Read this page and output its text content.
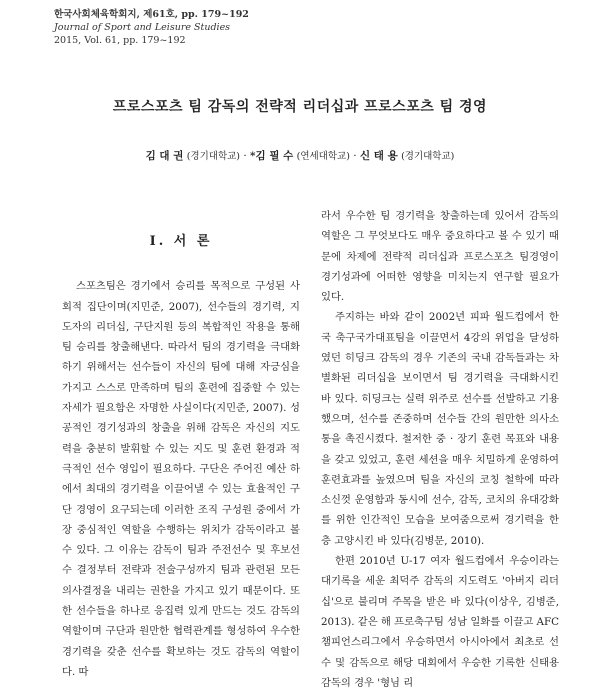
한국사회체육학회지, 제61호, pp. 179~192
Journal of Sport and Leisure Studies
2015, Vol. 61, pp. 179~192
프로스포츠 팀 감독의 전략적 리더십과 프로스포츠 팀 경영
김 대 권 (경기대학교) · *김 필 수 (연세대학교) · 신 태 용 (경기대학교)
Ⅰ. 서 론

스포츠팀은 경기에서 승리를 목적으로 구성된 사회적 집단이며(지민준, 2007), 선수들의 경기력, 지도자의 리더십, 구단지원 등의 복합적인 작용을 통해 팀 승리를 창출해낸다. 따라서 팀의 경기력을 극대화하기 위해서는 선수들이 자신의 팀에 대해 자긍심을 가지고 스스로 만족하며 팀의 훈련에 집중할 수 있는 자세가 필요함은 자명한 사실이다(지민준, 2007). 성공적인 경기성과의 창출을 위해 감독은 자신의 지도력을 충분히 발휘할 수 있는 지도 및 훈련 환경과 적극적인 선수 영입이 필요하다. 구단은 주어진 예산 하에서 최대의 경기력을 이끌어낼 수 있는 효율적인 구단 경영이 요구되는데 이러한 조직 구성원 중에서 가장 중심적인 역할을 수행하는 위치가 감독이라고 볼 수 있다. 그 이유는 감독이 팀과 주전선수 및 후보선수 결정부터 전략과 전술구성까지 팀과 관련된 모든 의사결정을 내리는 권한을 가지고 있기 때문이다. 또한 선수들을 하나로 응집력 있게 만드는 것도 감독의 역할이며 구단과 원만한 협력관계를 형성하여 우수한 경기력을 갖춘 선수를 확보하는 것도 감독의 역할이다. 따

라서 우수한 팀 경기력을 창출하는데 있어서 감독의 역할은 그 무엇보다도 매우 중요하다고 볼 수 있기 때문에 차제에 전략적 리더십과 프로스포츠 팀경영이 경기성과에 어떠한 영향을 미치는지 연구할 필요가 있다.

주지하는 바와 같이 2002년 피파 월드컵에서 한국 축구국가대표팀을 이끌면서 4강의 위업을 달성하였던 히딩크 감독의 경우 기존의 국내 감독들과는 차별화된 리더십을 보이면서 팀 경기력을 극대화시킨 바 있다. 히딩크는 실력 위주로 선수를 선발하고 기용했으며, 선수를 존중하며 선수들 간의 원만한 의사소통을 촉진시켰다. 철저한 중 · 장기 훈련 목표와 내용을 갖고 있었고, 훈련 세션을 매우 치밀하게 운영하여 훈련효과를 높였으며 팀을 자신의 코칭 철학에 따라 소신껏 운영함과 동시에 선수, 감독, 코치의 유대강화를 위한 인간적인 모습을 보여줌으로써 경기력을 한층 고양시킨 바 있다(김병문, 2010).

한편 2010년 U-17 여자 월드컵에서 우승이라는 대기록을 세운 최덕주 감독의 지도력도 '아버지 리더십'으로 불리며 주목을 받은 바 있다(이상우, 김병준, 2013). 같은 해 프로축구팀 성남 일화를 이끌고 AFC 챔피언스리그에서 우승하면서 아시아에서 최초로 선수 및 감독으로 해당 대회에서 우승한 기록한 신태용 감독의 경우 '형님 리
